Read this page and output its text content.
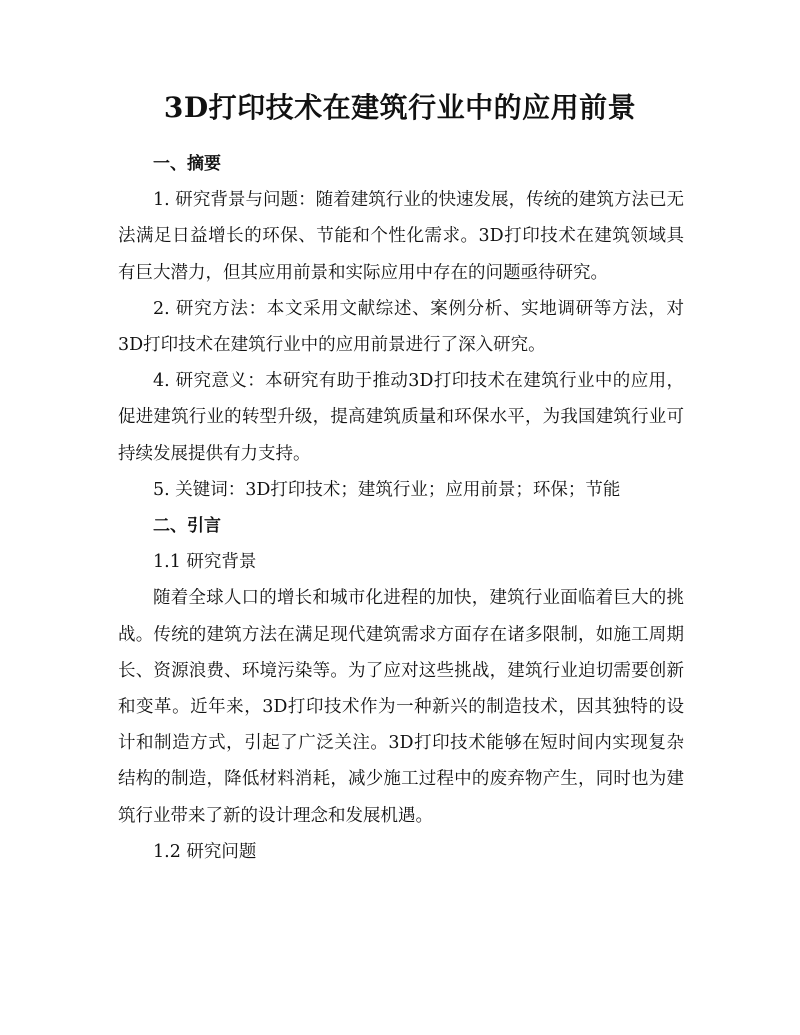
3D打印技术在建筑行业中的应用前景

一、摘要

1. 研究背景与问题：随着建筑行业的快速发展，传统的建筑方法已无法满足日益增长的环保、节能和个性化需求。3D打印技术在建筑领域具有巨大潜力，但其应用前景和实际应用中存在的问题亟待研究。

2. 研究方法：本文采用文献综述、案例分析、实地调研等方法，对3D打印技术在建筑行业中的应用前景进行了深入研究。

4. 研究意义：本研究有助于推动3D打印技术在建筑行业中的应用，促进建筑行业的转型升级，提高建筑质量和环保水平，为我国建筑行业可持续发展提供有力支持。

5. 关键词：3D打印技术；建筑行业；应用前景；环保；节能

二、引言

1.1 研究背景

随着全球人口的增长和城市化进程的加快，建筑行业面临着巨大的挑战。传统的建筑方法在满足现代建筑需求方面存在诸多限制，如施工周期长、资源浪费、环境污染等。为了应对这些挑战，建筑行业迫切需要创新和变革。近年来，3D打印技术作为一种新兴的制造技术，因其独特的设计和制造方式，引起了广泛关注。3D打印技术能够在短时间内实现复杂结构的制造，降低材料消耗，减少施工过程中的废弃物产生，同时也为建筑行业带来了新的设计理念和发展机遇。

1.2 研究问题
